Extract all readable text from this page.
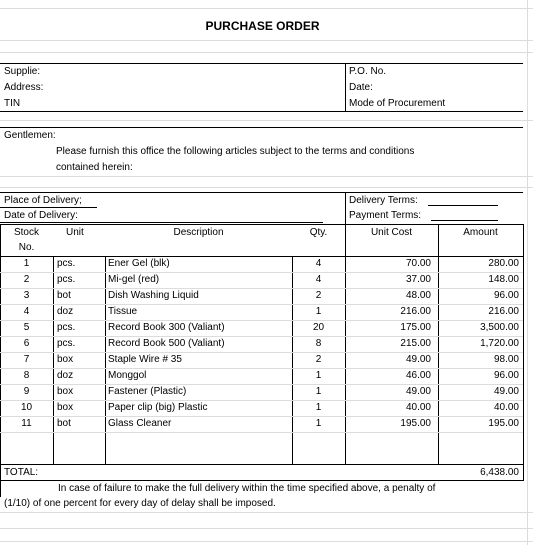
PURCHASE ORDER
Supplie:
Address:
TIN
P.O. No.
Date:
Mode of Procurement
Gentlemen:
Please furnish this office the following articles subject to the terms and conditions
contained herein:
Place of Delivery;
Date of Delivery:
Delivery Terms:
Payment Terms:
Stock
No.
Unit	Description	Qty.	Unit Cost	Amount
1	pcs.	Ener Gel (blk)	4	70.00	280.00
2	pcs.	Mi-gel (red)	4	37.00	148.00
3	bot	Dish Washing Liquid	2	48.00	96.00
4	doz	Tissue	1	216.00	216.00
5	pcs.	Record Book 300 (Valiant)	20	175.00	3,500.00
6	pcs.	Record Book 500 (Valiant)	8	215.00	1,720.00
7	box	Staple Wire # 35	2	49.00	98.00
8	doz	Monggol	1	46.00	96.00
9	box	Fastener (Plastic)	1	49.00	49.00
10	box	Paper clip (big) Plastic	1	40.00	40.00
11	bot	Glass Cleaner	1	195.00	195.00
TOTAL:	6,438.00
In case of failure to make the full delivery within the time specified above, a penalty of
(1/10) of one percent for every day of delay shall be imposed.
